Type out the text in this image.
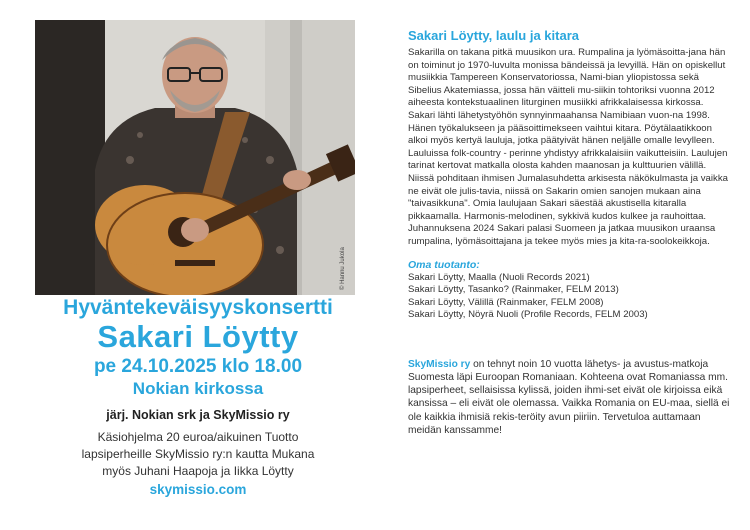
© Hannu Jukola

Hyväntekeväisyyskonsertti

Sakari Löytty

pe 24.10.2025 klo 18.00

Nokian kirkossa

järj. Nokian srk ja SkyMissio ry

Käsiohjelma 20 euroa/aikuinen Tuotto

lapsiperheille SkyMissio ry:n kautta Mukana

myös Juhani Haapoja ja Iikka Löytty

skymissio.com

Sakari Löytty, laulu ja kitara

Sakarilla on takana pitkä muusikon ura. Rumpalina ja lyömäsoitta-jana hän on toiminut jo 1970-luvulta monissa bändeissä ja levyillä. Hän on opiskellut musiikkia Tampereen Konservatoriossa, Nami-bian yliopistossa sekä Sibelius Akatemiassa, jossa hän väitteli mu-siikin tohtoriksi vuonna 2012 aiheesta kontekstuaalinen liturginen musiikki afrikkalaisessa kirkossa.

Sakari lähti lähetystyöhön synnyinmaahansa Namibiaan vuon-na 1998. Hänen työkalukseen ja pääsoittimekseen vaihtui kitara. Pöytälaatikkoon alkoi myös kertyä lauluja, jotka päätyivät hänen neljälle omalle levylleen. Lauluissa folk-country - perinne yhdistyy afrikkalaisiin vaikutteisiin. Laulujen tarinat kertovat matkalla olosta kahden maanosan ja kulttuurien välillä. Niissä pohditaan ihmisen Jumalasuhdetta arkisesta näkökulmasta ja vaikka ne eivät ole julis-tavia, niissä on Sakarin omien sanojen mukaan aina "taivasikkuna". Omia laulujaan Sakari säestää akustisella kitaralla pikkaamalla. Harmonis-melodinen, sykkivä kudos kulkee ja rauhoittaa. Juhannuksena 2024 Sakari palasi Suomeen ja jatkaa muusikon uraansa rumpalina, lyömäsoittajana ja tekee myös mies ja kita-ra-soolokeikkoja.

Oma tuotanto:

Sakari Löytty, Maalla (Nuoli Records 2021)
Sakari Löytty, Tasanko? (Rainmaker, FELM 2013)
Sakari Löytty, Välillä (Rainmaker, FELM 2008)
Sakari Löytty, Nöyrä Nuoli (Profile Records, FELM 2003)

SkyMissio ry on tehnyt noin 10 vuotta lähetys- ja avustus-matkoja Suomesta läpi Euroopan Romaniaan. Kohteena ovat Romaniassa mm. lapsiperheet, sellaisissa kylissä, joiden ihmi-set eivät ole kirjoissa eikä kansissa – eli eivät ole olemassa. Vaikka Romania on EU-maa, siellä ei ole kaikkia ihmisiä rekis-teröity avun piiriin. Tervetuloa auttamaan meidän kanssamme!
